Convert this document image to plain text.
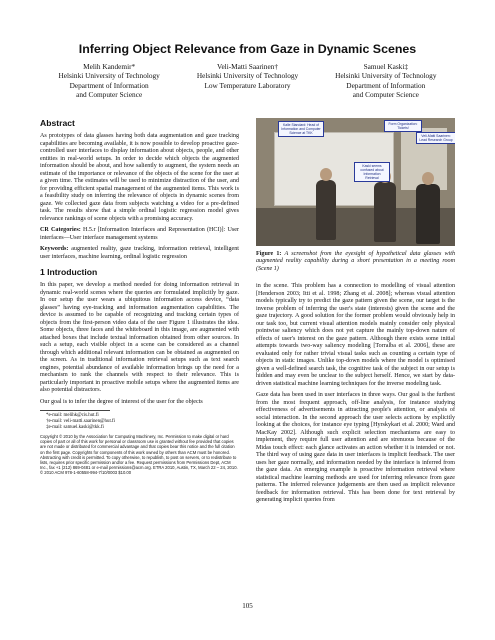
Inferring Object Relevance from Gaze in Dynamic Scenes
Melih Kandemir*
Helsinki University of Technology
Department of Information
and Computer Science
Veli-Matti Saarinen†
Helsinki University of Technology
Low Temperature Laboratory
Samuel Kaski‡
Helsinki University of Technology
Department of Information
and Computer Science
Abstract

As prototypes of data glasses having both data augmentation and gaze tracking capabilities are becoming available, it is now possible to develop proactive gaze-controlled user interfaces to display information about objects, people, and other entities in real-world setups. In order to decide which objects the augmented information should be about, and how saliently to augment, the system needs an estimate of the importance or relevance of the objects of the scene for the user at a given time. The estimates will be used to minimize distraction of the user, and for providing efficient spatial management of the augmented items. This work is a feasibility study on inferring the relevance of objects in dynamic scenes from gaze. We collected gaze data from subjects watching a video for a pre-defined task. The results show that a simple ordinal logistic regression model gives relevance rankings of scene objects with a promising accuracy.

CR Categories: H.5.r [Information Interfaces and Representation (HCI)]: User interfaces—User interface management systems

Keywords: augmented reality, gaze tracking, information retrieval, intelligent user interfaces, machine learning, ordinal logistic regression

1 Introduction

In this paper, we develop a method needed for doing information retrieval in dynamic real-world scenes where the queries are formulated implicitly by gaze. In our setup the user wears a ubiquitous information access device, “data glasses” having eye-tracking and information augmentation capabilities. The device is assumed to be capable of recognizing and tracking certain types of objects from the first-person video data of the user Figure 1 illustrates the idea. Some objects, three faces and the whiteboard in this image, are augmented with attached boxes that include textual information obtained from other sources. In such a setup, each visible object in a scene can be considered as a channel through which additional relevant information can be obtained as augmented on the screen. As in traditional information retrieval setups such as text search engines, potential abundance of available information brings up the need for a mechanism to rank the channels with respect to their relevance. This is particularly important in proactive mobile setups where the augmented items are also potential distractors.

Our goal is to infer the degree of interest of the user for the objects

*e-mail: melihk@cis.hut.fi
†e-mail: veli-matti.saarinen@hut.fi
‡e-mail: samuel.kaski@tkk.fi
Copyright © 2010 by the Association for Computing Machinery, Inc. Permission to make digital or hard copies of part or all of this work for personal or classroom use is granted without fee provided that copies are not made or distributed for commercial advantage and that copies bear this notice and the full citation on the first page. Copyrights for components of this work owned by others than ACM must be honored. Abstracting with credit is permitted. To copy otherwise, to republish, to post on servers, or to redistribute to lists, requires prior specific permission and/or a fee. Request permissions from Permissions Dept, ACM Inc., fax +1 (212) 869-0481 or e-mail permissions@acm.org. ETRA 2010, Austin, TX, March 22 – 24, 2010. © 2010 ACM 978-1-60558-994-7/10/0003 $10.00
Kalle Standard: Head of Information and Computer Science at TKK
Form Organization: Tickets!
Veli-Matti Saarinen: Lead Research Group
Kaski seems confused about Information Retrieval

Figure 1: A screenshot from the eyesight of hypothetical data glasses with augmented reality capability during a short presentation in a meeting room (Scene 1)

in the scene. This problem has a connection to modelling of visual attention [Henderson 2003; Itti et al. 1998; Zhang et al. 2008]; whereas visual attention models typically try to predict the gaze pattern given the scene, our target is the inverse problem of inferring the user's state (interests) given the scene and the gaze trajectory. A good solution for the former problem would obviously help in our task too, but current visual attention models mainly consider only physical pointwise saliency which does not yet capture the mainly top-down nature of effects of user's interest on the gaze pattern. Although there exists some initial attempts towards two-way saliency modeling [Torralba et al. 2006], these are evaluated only for rather trivial visual tasks such as counting a certain type of objects in static images. Unlike top-down models where the model is optimised given a well-defined search task, the cognitive task of the subject in our setup is hidden and may even be unclear to the subject herself. Hence, we start by data-driven statistical machine learning techniques for the inverse modeling task.

Gaze data has been used in user interfaces in three ways. Our goal is the furthest from the most frequent approach, off-line analysis, for instance studying effectiveness of advertisements in attracting people's attention, or analysis of social interaction. In the second approach the user selects actions by explicitly looking at the choices, for instance eye typing [Hyrskykari et al. 2000; Ward and MacKay 2002]. Although such explicit selection mechanisms are easy to implement, they require full user attention and are strenuous because of the Midas touch effect: each glance activates an action whether it is intended or not. The third way of using gaze data in user interfaces is implicit feedback. The user uses her gaze normally, and information needed by the interface is inferred from the gaze data. An emerging example is proactive information retrieval where statistical machine learning methods are used for inferring relevance from gaze patterns. The inferred relevance judgements are then used as implicit relevance feedback for information retrieval. This has been done for text retrieval by generating implicit queries from

105
